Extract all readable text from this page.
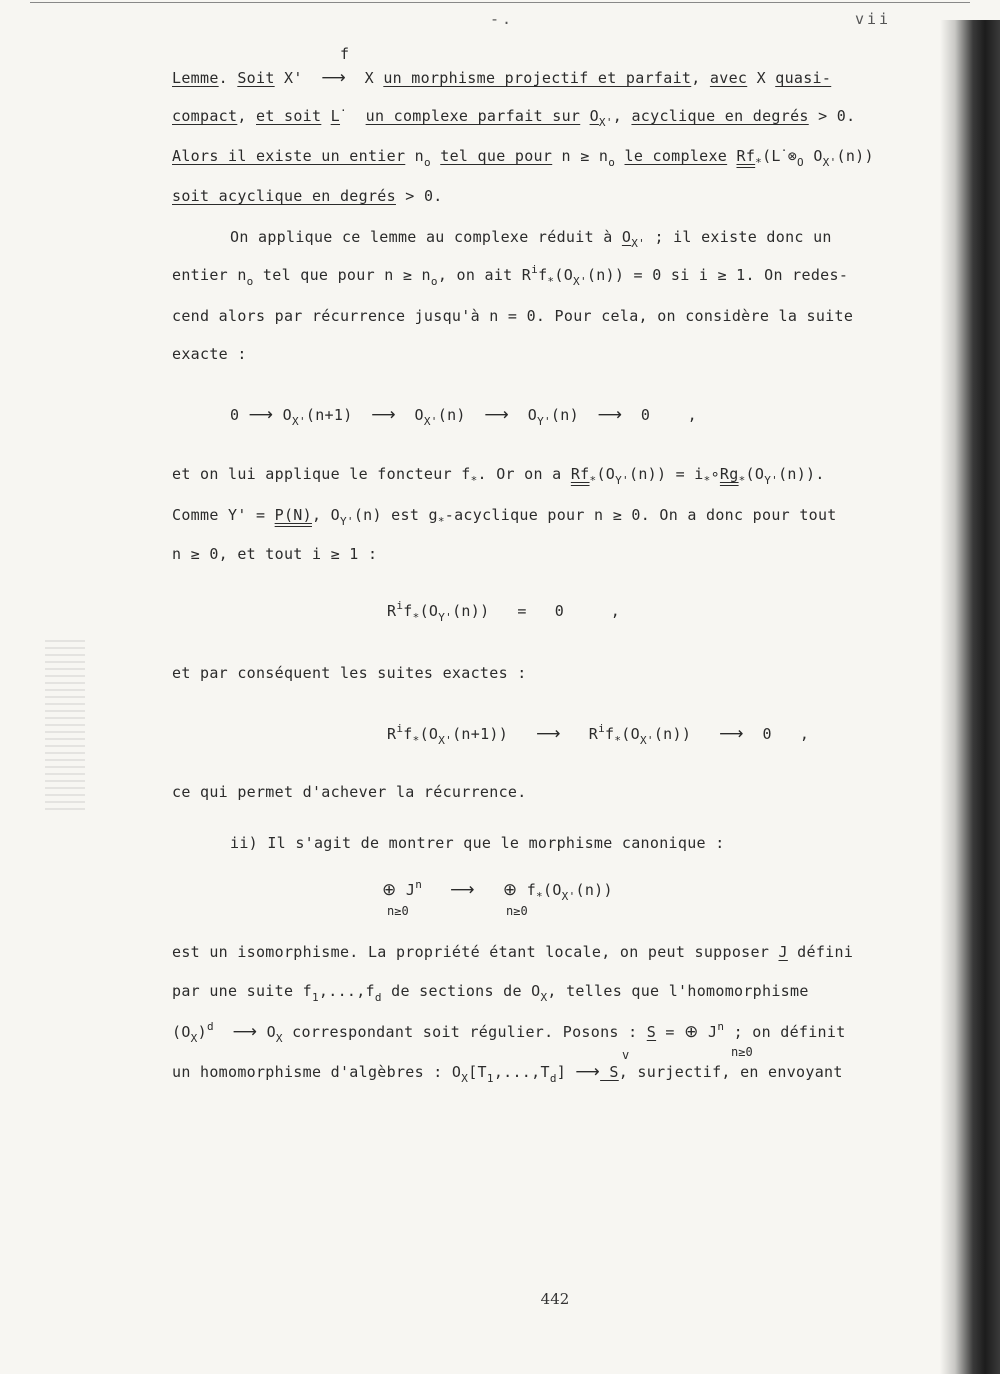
-.	vii
f
Lemme. Soit X'  ⟶  X un morphisme projectif et parfait, avec X quasi-
compact, et soit L· un complexe parfait sur $O_{X'}$, acyclique en degrés > 0.
Alors il existe un entier $n_o$ tel que pour $n \ge n_o$ le complexe $Rf_*(L^\cdot\otimes_O$ $O_{X'}(n)$)
soit acyclique en degrés > 0.
On applique ce lemme au complexe réduit à $O_{X'}$ ; il existe donc un
entier $n_o$ tel que pour $n \ge n_o$, on ait $R^if_*(O_{X'}(n)) = 0$ si i ≥ 1. On redes-
cend alors par récurrence jusqu'à n = 0. Pour cela, on considère la suite
exacte :
0 ⟶ $O_{X'}(n+1)$  ⟶  $O_{X'}(n)$  ⟶  $O_{Y'}(n)$  ⟶  0    ,
et on lui applique le foncteur $f_*$. Or on a $Rf_*(O_{Y'}(n))$ = $i_*\circ Rg_*(O_{Y'}(n))$.
Comme Y' = P(N), $O_{Y'}(n)$ est $g_*$-acyclique pour n ≥ 0. On a donc pour tout
n ≥ 0, et tout i ≥ 1 :
$R^if_*(O_{Y'}(n)) = 0$     ,
et par conséquent les suites exactes :
$R^if_*(O_{X'}(n+1))$   ⟶   $R^if_*(O_{X'}(n))$   ⟶  0   ,
ce qui permet d'achever la récurrence.
ii) Il s'agit de montrer que le morphisme canonique :
⊕ $J^n$ ⟶ ⊕ $f_*(O_{X'}(n))$
n≥0	n≥0
est un isomorphisme. La propriété étant locale, on peut supposer J défini
par une suite $f_1,...,f_d$ de sections de $O_X$, telles que l'homomorphisme
$(O_X)^d$ ⟶ $O_X$ correspondant soit régulier. Posons : S = ⊕ $J^n$ ; on définit
n≥0
v
un homomorphisme d'algèbres : $O_X[T_1,...,T_d]$ ⟶ S, surjectif, en envoyant
442
